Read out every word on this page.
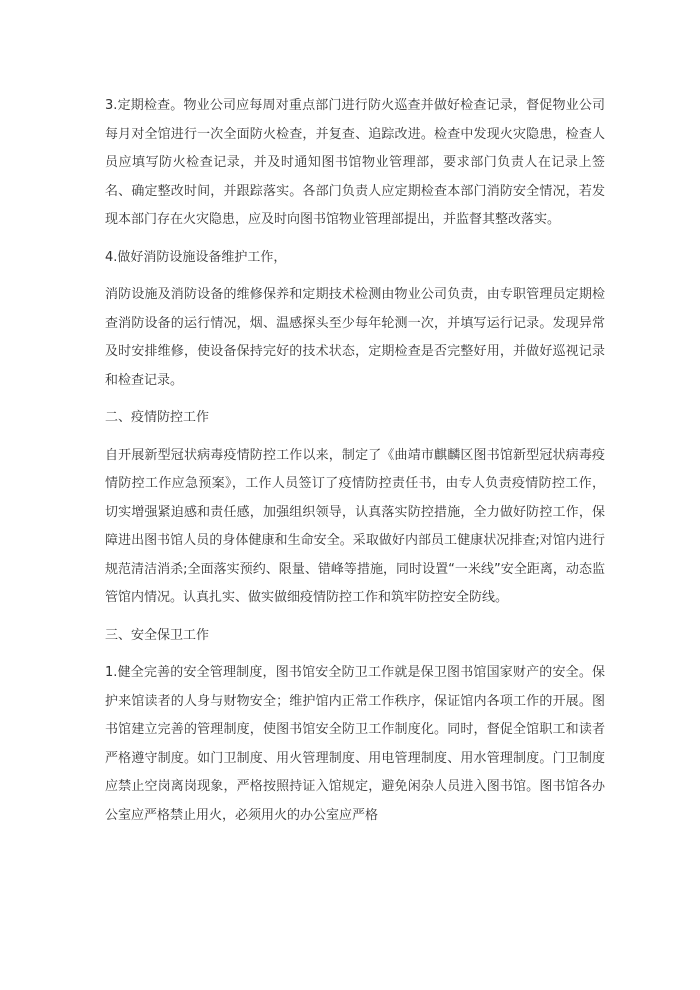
3.定期检查。物业公司应每周对重点部门进行防火巡查并做好检查记录，督促物业公司每月对全馆进行一次全面防火检查，并复查、追踪改进。检查中发现火灾隐患，检查人员应填写防火检查记录，并及时通知图书馆物业管理部，要求部门负责人在记录上签名、确定整改时间，并跟踪落实。各部门负责人应定期检查本部门消防安全情况，若发现本部门存在火灾隐患，应及时向图书馆物业管理部提出，并监督其整改落实。

4.做好消防设施设备维护工作，

消防设施及消防设备的维修保养和定期技术检测由物业公司负责，由专职管理员定期检查消防设备的运行情况，烟、温感探头至少每年轮测一次，并填写运行记录。发现异常及时安排维修，使设备保持完好的技术状态，定期检查是否完整好用，并做好巡视记录和检查记录。

二、疫情防控工作

自开展新型冠状病毒疫情防控工作以来，制定了《曲靖市麒麟区图书馆新型冠状病毒疫情防控工作应急预案》，工作人员签订了疫情防控责任书，由专人负责疫情防控工作，切实增强紧迫感和责任感，加强组织领导，认真落实防控措施，全力做好防控工作，保障进出图书馆人员的身体健康和生命安全。采取做好内部员工健康状况排查;对馆内进行规范清洁消杀;全面落实预约、限量、错峰等措施，同时设置“一米线”安全距离，动态监管馆内情况。认真扎实、做实做细疫情防控工作和筑牢防控安全防线。

三、安全保卫工作

1.健全完善的安全管理制度，图书馆安全防卫工作就是保卫图书馆国家财产的安全。保护来馆读者的人身与财物安全；维护馆内正常工作秩序，保证馆内各项工作的开展。图书馆建立完善的管理制度，使图书馆安全防卫工作制度化。同时，督促全馆职工和读者严格遵守制度。如门卫制度、用火管理制度、用电管理制度、用水管理制度。门卫制度应禁止空岗离岗现象，严格按照持证入馆规定，避免闲杂人员进入图书馆。图书馆各办公室应严格禁止用火，必须用火的办公室应严格
